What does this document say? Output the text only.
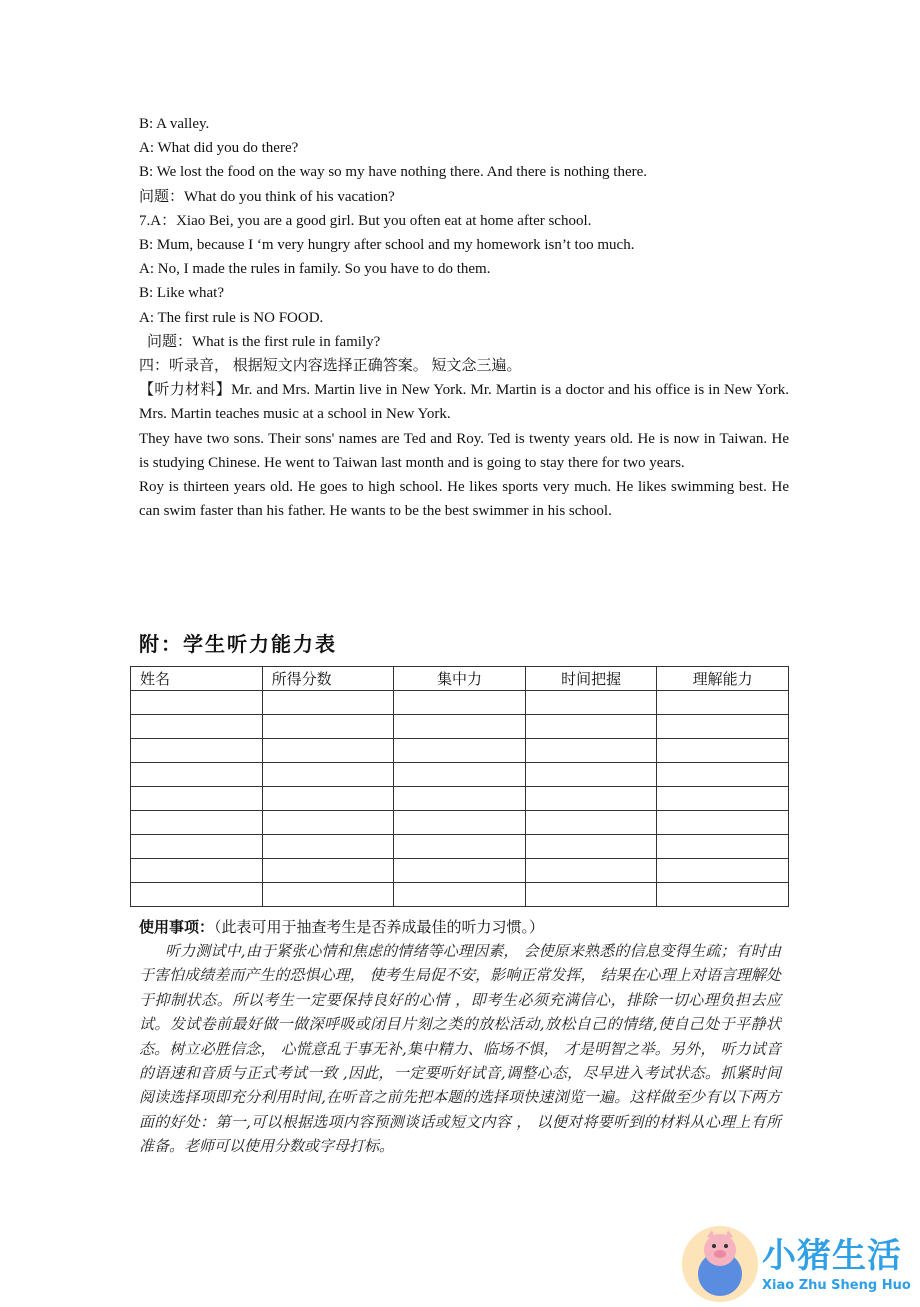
B: A valley.
A: What did you do there?
B: We lost the food on the way so my have nothing there. And there is nothing there.
问题：What do you think of his vacation?
7.A：Xiao Bei, you are a good girl. But you often eat at home after school.
B: Mum, because I ‘m very hungry after school and my homework isn’t too much.
A: No, I made the rules in family. So you have to do them.
B: Like what?
A: The first rule is NO FOOD.
问题：What is the first rule in family?
四：听录音， 根据短文内容选择正确答案。 短文念三遍。
【听力材料】Mr. and Mrs. Martin live in New York. Mr. Martin is a doctor and his office is in New York. Mrs. Martin teaches music at a school in New York.
They have two sons. Their sons' names are Ted and Roy. Ted is twenty years old. He is now in Taiwan. He is studying Chinese. He went to Taiwan last month and is going to stay there for two years.
Roy is thirteen years old. He goes to high school. He likes sports very much. He likes swimming best. He can swim faster than his father. He wants to be the best swimmer in his school.
附：学生听力能力表
姓名	所得分数	集中力	时间把握	理解能力

使用事项：（此表可用于抽查考生是否养成最佳的听力习惯。）
听力测试中,由于紧张心情和焦虑的情绪等心理因素， 会使原来熟悉的信息变得生疏；有时由于害怕成绩差而产生的恐惧心理， 使考生局促不安，影响正常发挥， 结果在心理上对语言理解处于抑制状态。所以考生一定要保持良好的心情 ，即考生必须充满信心，排除一切心理负担去应试。发试卷前最好做一做深呼吸或闭目片刻之类的放松活动,放松自己的情绪,使自己处于平静状态。树立必胜信念， 心慌意乱于事无补,集中精力、临场不惧， 才是明智之举。另外， 听力试音的语速和音质与正式考试一致 ,因此，一定要听好试音,调整心态，尽早进入考试状态。抓紧时间阅读选择项即充分利用时间,在听音之前先把本题的选择项快速浏览一遍。这样做至少有以下两方面的好处：第一,可以根据选项内容预测谈话或短文内容 ， 以便对将要听到的材料从心理上有所准备。老师可以使用分数或字母打标。
小猪生活
Xiao Zhu Sheng Huo
